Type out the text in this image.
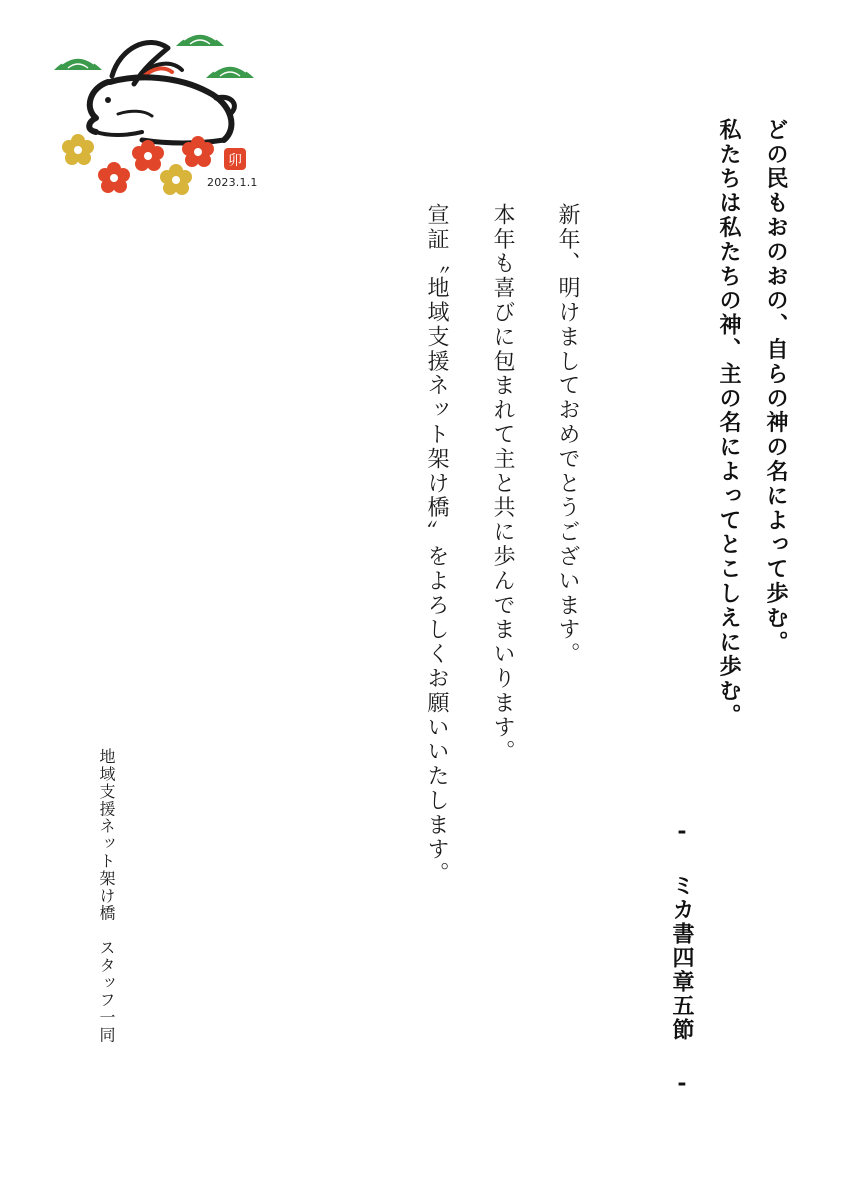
卯
2023.1.1	どの民もおのおの、自らの神の名によって歩む。
私たちは私たちの神、主の名によってとこしえに歩む。
- ミカ書四章五節 -
新年、明けましておめでとうございます。
本年も喜びに包まれて主と共に歩んでまいります。
宣証〝地域支援ネット架け橋〟をよろしくお願いいたします。
地域支援ネット架け橋　スタッフ一同
